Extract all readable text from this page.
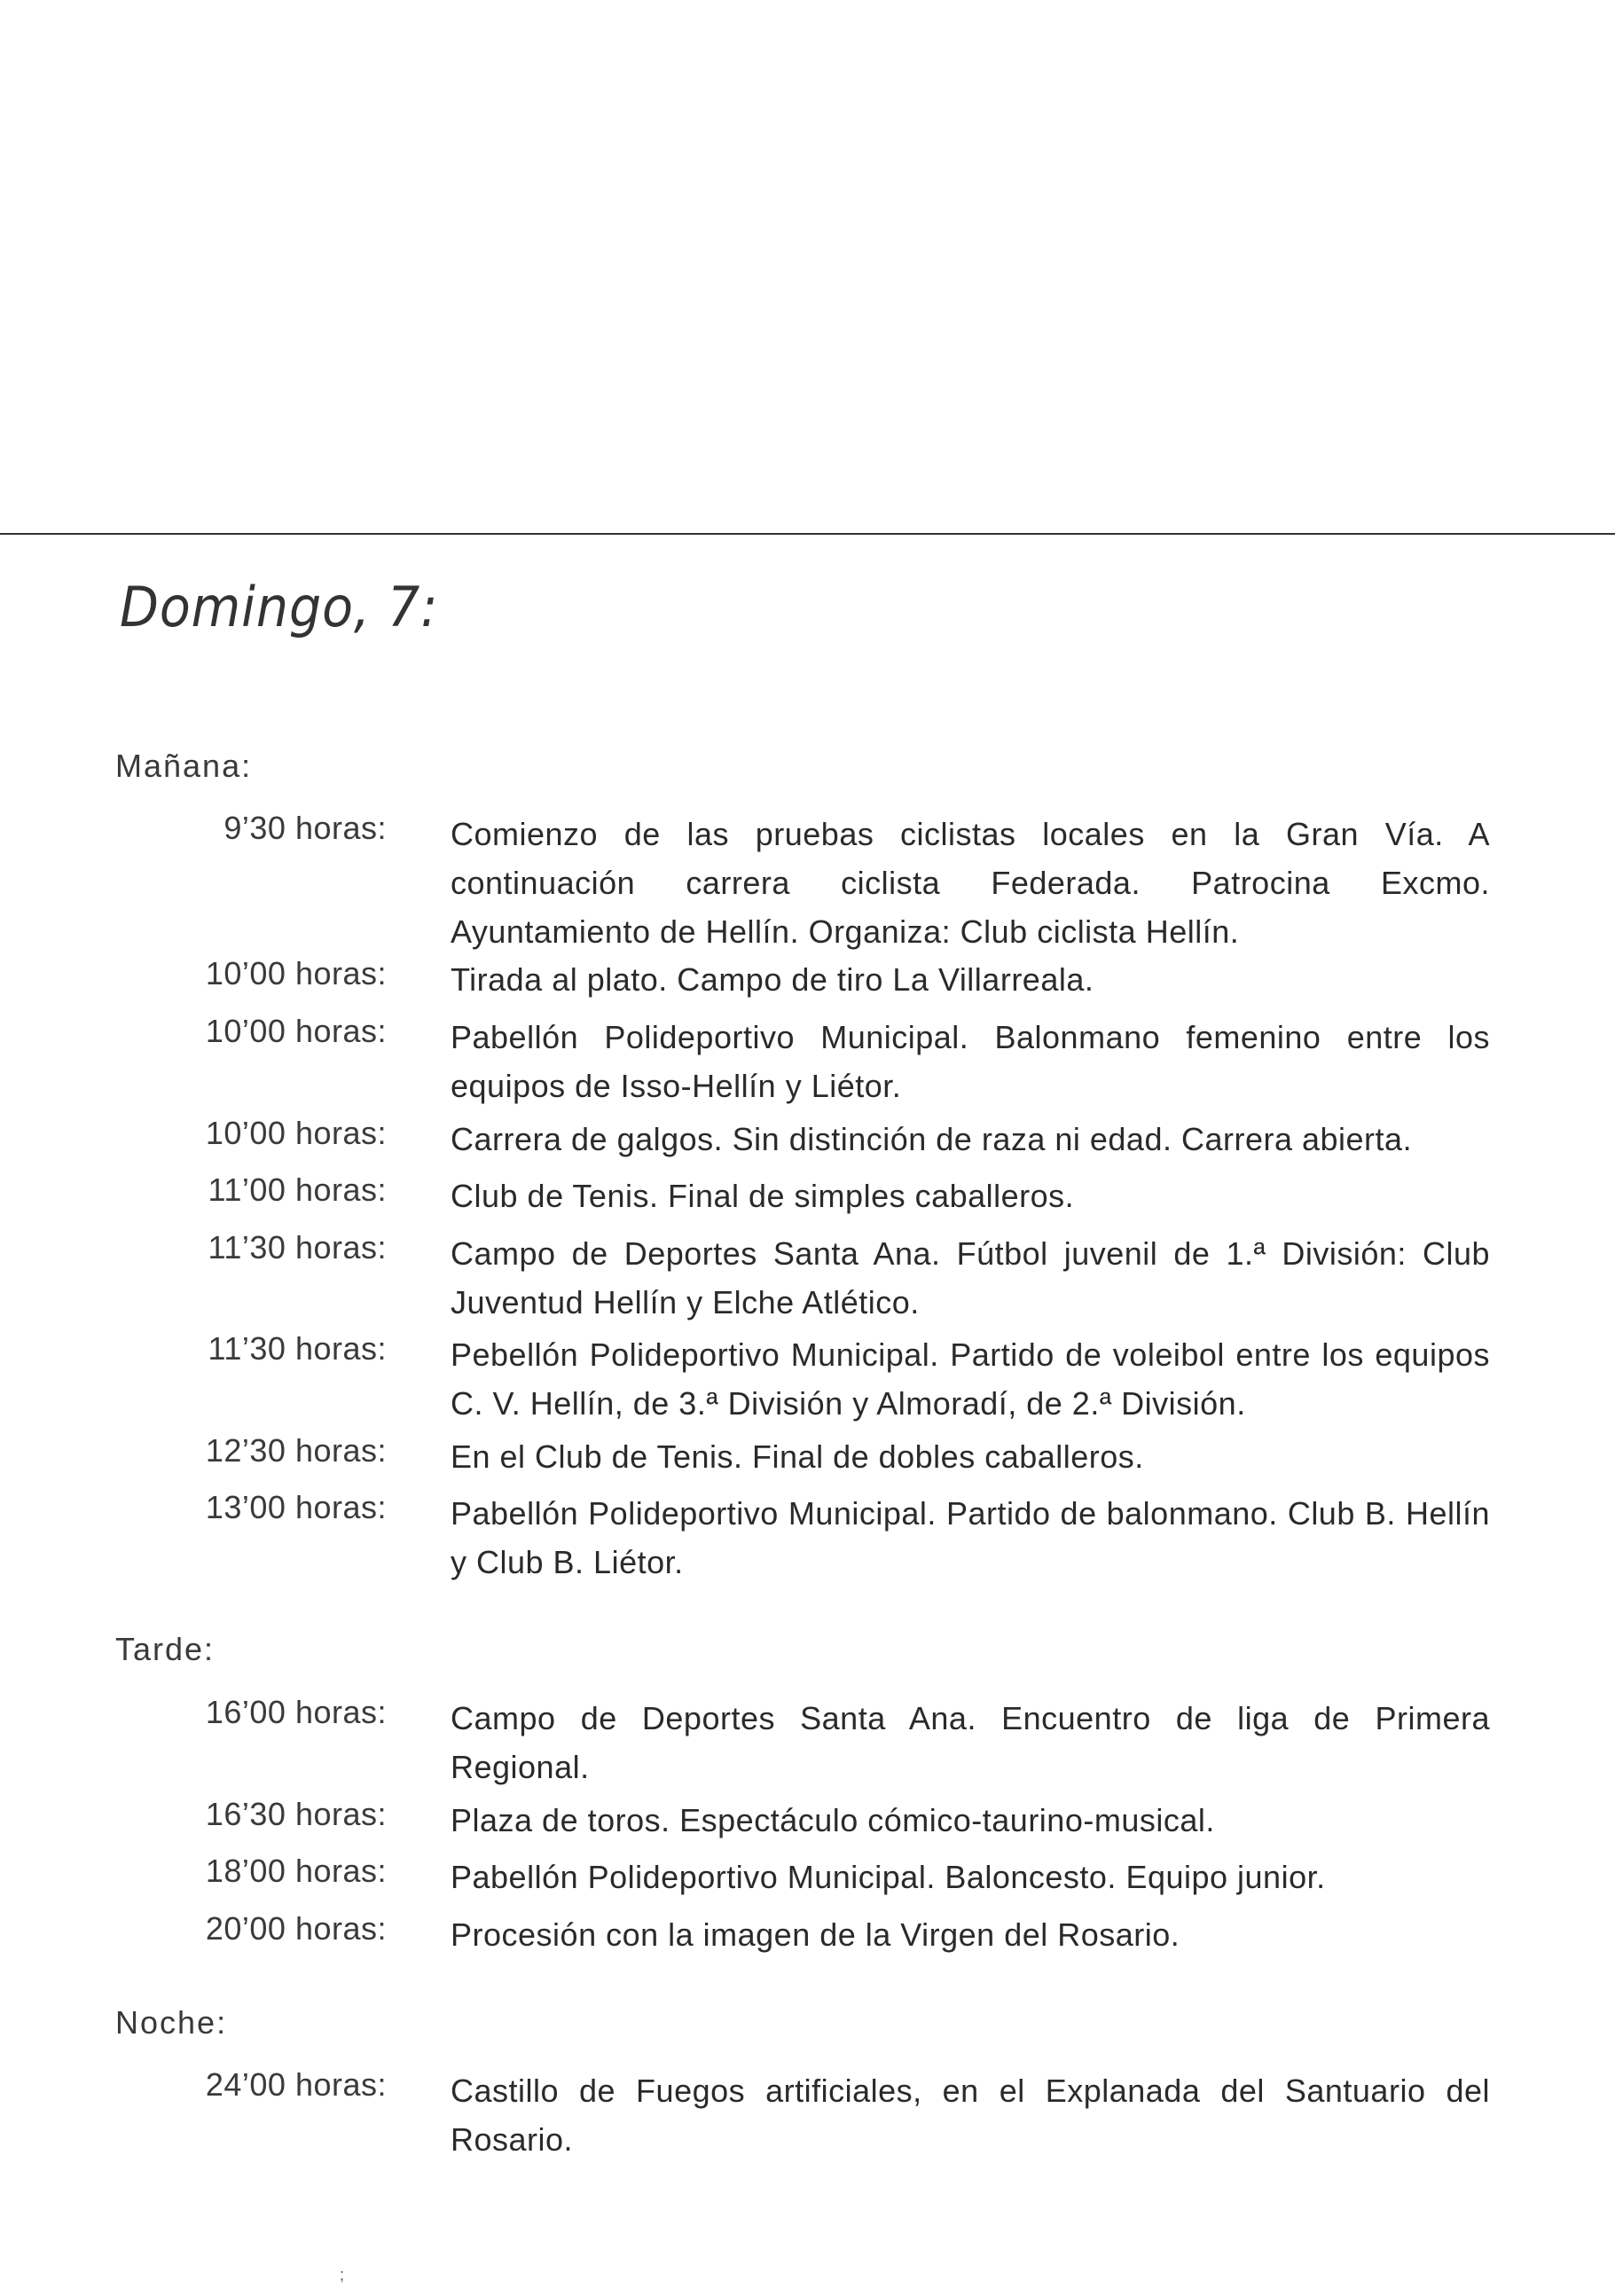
Domingo, 7:
Mañana:
9’30 horas: Comienzo de las pruebas ciclistas locales en la Gran Vía. A continuación carrera ciclista Federada. Patrocina Excmo. Ayuntamiento de Hellín. Organiza: Club ciclista Hellín.
10’00 horas: Tirada al plato. Campo de tiro La Villarreala.
10’00 horas: Pabellón Polideportivo Municipal. Balonmano femenino entre los equipos de Isso-Hellín y Liétor.
10’00 horas: Carrera de galgos. Sin distinción de raza ni edad. Carrera abierta.
11’00 horas: Club de Tenis. Final de simples caballeros.
11’30 horas: Campo de Deportes Santa Ana. Fútbol juvenil de 1.ª División: Club Juventud Hellín y Elche Atlético.
11’30 horas: Pebellón Polideportivo Municipal. Partido de voleibol entre los equipos C. V. Hellín, de 3.ª División y Almoradí, de 2.ª División.
12’30 horas: En el Club de Tenis. Final de dobles caballeros.
13’00 horas: Pabellón Polideportivo Municipal. Partido de balonmano. Club B. Hellín y Club B. Liétor.
Tarde:
16’00 horas: Campo de Deportes Santa Ana. Encuentro de liga de Primera Regional.
16’30 horas: Plaza de toros. Espectáculo cómico-taurino-musical.
18’00 horas: Pabellón Polideportivo Municipal. Baloncesto. Equipo junior.
20’00 horas: Procesión con la imagen de la Virgen del Rosario.
Noche:
24’00 horas: Castillo de Fuegos artificiales, en el Explanada del Santuario del Rosario.
;
